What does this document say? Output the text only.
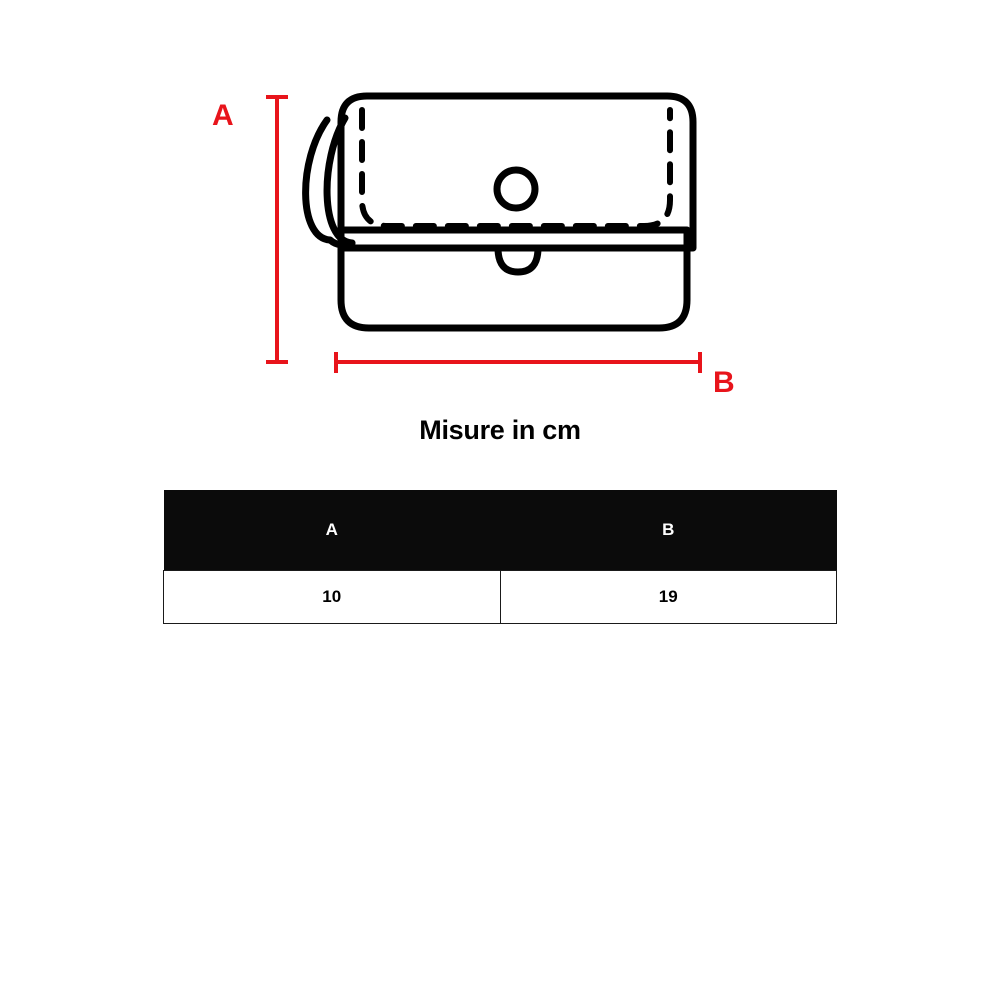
A
B
Misure in cm
A	B
10	19
